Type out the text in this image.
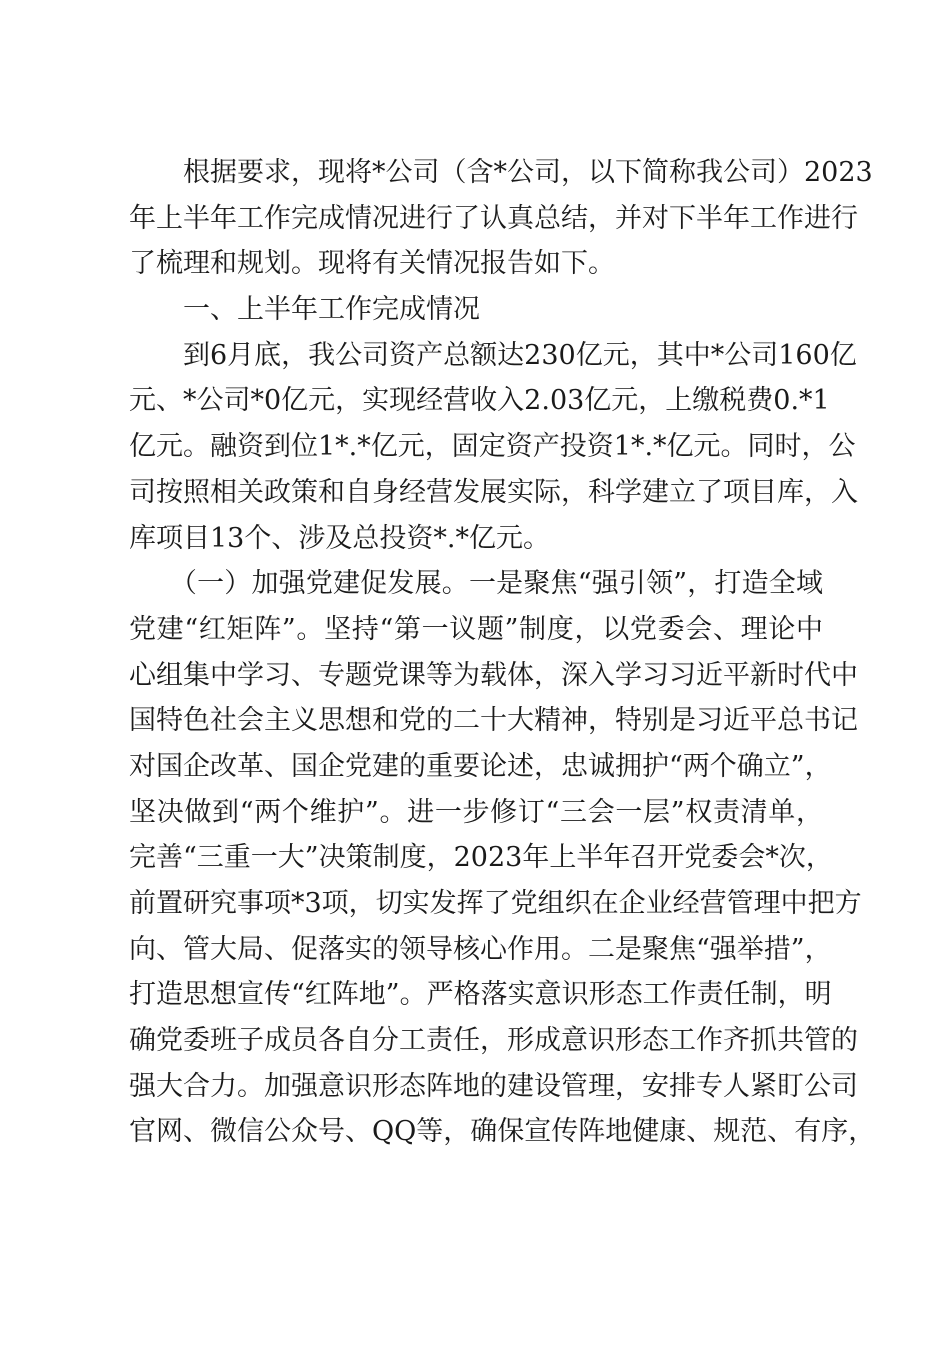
　　根据要求，现将*公司（含*公司，以下简称我公司）2023
年上半年工作完成情况进行了认真总结，并对下半年工作进行
了梳理和规划。现将有关情况报告如下。
　　一、上半年工作完成情况
　　到6月底，我公司资产总额达230亿元，其中*公司160亿
元、*公司*0亿元，实现经营收入2.03亿元，上缴税费0.*1
亿元。融资到位1*.*亿元，固定资产投资1*.*亿元。同时，公
司按照相关政策和自身经营发展实际，科学建立了项目库，入
库项目13个、涉及总投资*.*亿元。
　　（一）加强党建促发展。一是聚焦“强引领”，打造全域
党建“红矩阵”。坚持“第一议题”制度，以党委会、理论中
心组集中学习、专题党课等为载体，深入学习习近平新时代中
国特色社会主义思想和党的二十大精神，特别是习近平总书记
对国企改革、国企党建的重要论述，忠诚拥护“两个确立”，
坚决做到“两个维护”。进一步修订“三会一层”权责清单，
完善“三重一大”决策制度，2023年上半年召开党委会*次，
前置研究事项*3项，切实发挥了党组织在企业经营管理中把方
向、管大局、促落实的领导核心作用。二是聚焦“强举措”，
打造思想宣传“红阵地”。严格落实意识形态工作责任制，明
确党委班子成员各自分工责任，形成意识形态工作齐抓共管的
强大合力。加强意识形态阵地的建设管理，安排专人紧盯公司
官网、微信公众号、QQ等，确保宣传阵地健康、规范、有序，
